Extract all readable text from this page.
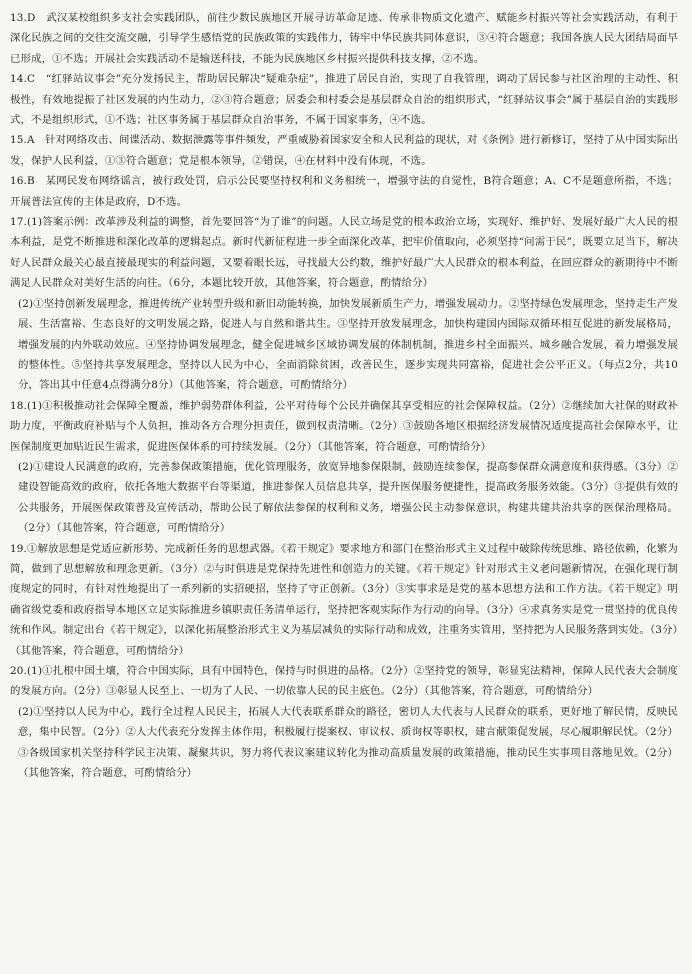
13.D　武汉某校组织多支社会实践团队，前往少数民族地区开展寻访革命足迹、传承非物质文化遗产、赋能乡村振兴等社会实践活动，有利于深化民族之间的交往交流交融，引导学生感悟党的民族政策的实践伟力，铸牢中华民族共同体意识，③④符合题意；我国各族人民大团结局面早已形成，①不选；开展社会实践活动不是输送科技，不能为民族地区乡村振兴提供科技支撑，②不选。

14.C　“红驿站议事会”充分发扬民主，帮助居民解决“疑难杂症”，推进了居民自治，实现了自我管理，调动了居民参与社区治理的主动性、积极性，有效地提振了社区发展的内生动力，②③符合题意；居委会和村委会是基层群众自治的组织形式，“红驿站议事会”属于基层自治的实践形式，不是组织形式，①不选；社区事务属于基层群众自治事务，不属于国家事务，④不选。

15.A　针对网络攻击、间谍活动、数据泄露等事件频发，严重威胁着国家安全和人民利益的现状，对《条例》进行新修订，坚持了从中国实际出发，保护人民利益，①③符合题意；党是根本领导，②错误，④在材料中没有体现，不选。

16.B　某网民发布网络谣言，被行政处罚，启示公民要坚持权利和义务相统一，增强守法的自觉性，B符合题意；A、C不是题意所指，不选；开展普法宣传的主体是政府，D不选。

17.(1)答案示例：改革涉及利益的调整，首先要回答“为了谁”的问题。人民立场是党的根本政治立场，实现好、维护好、发展好最广大人民的根本利益，是党不断推进和深化改革的逻辑起点。新时代新征程进一步全面深化改革，把牢价值取向，必须坚持“问需于民”，既要立足当下，解决好人民群众最关心最直接最现实的利益问题，又要着眼长远，寻找最大公约数，维护好最广大人民群众的根本利益，在回应群众的新期待中不断满足人民群众对美好生活的向往。（6分，本题比较开放，其他答案，符合题意，酌情给分）

(2)①坚持创新发展理念，推进传统产业转型升级和新旧动能转换，加快发展新质生产力，增强发展动力。②坚持绿色发展理念，坚持走生产发展、生活富裕、生态良好的文明发展之路，促进人与自然和谐共生。③坚持开放发展理念，加快构建国内国际双循环相互促进的新发展格局，增强发展的内外联动效应。④坚持协调发展理念，健全促进城乡区域协调发展的体制机制，推进乡村全面振兴、城乡融合发展，着力增强发展的整体性。⑤坚持共享发展理念，坚持以人民为中心，全面消除贫困，改善民生，逐步实现共同富裕，促进社会公平正义。（每点2分，共10分，答出其中任意4点得满分8分）（其他答案，符合题意，可酌情给分）

18.(1)①积极推动社会保障全覆盖，维护弱势群体利益，公平对待每个公民并确保其享受相应的社会保障权益。（2分）②继续加大社保的财政补助力度，平衡政府补贴与个人负担，推动各方合理分担责任，做到权责清晰。（2分）③鼓励各地区根据经济发展情况适度提高社会保障水平，让医保制度更加贴近民生需求，促进医保体系的可持续发展。（2分）（其他答案，符合题意，可酌情给分）

(2)①建设人民满意的政府，完善参保政策措施，优化管理服务，放宽异地参保限制，鼓励连续参保，提高参保群众满意度和获得感。（3分）②建设智能高效的政府，依托各地大数据平台等渠道，推进参保人员信息共享，提升医保服务便捷性，提高政务服务效能。（3分）③提供有效的公共服务，开展医保政策普及宣传活动，帮助公民了解依法参保的权利和义务，增强公民主动参保意识，构建共建共治共享的医保治理格局。（2分）（其他答案，符合题意，可酌情给分）

19.①解放思想是党适应新形势、完成新任务的思想武器。《若干规定》要求地方和部门在整治形式主义过程中破除传统思维、路径依赖，化繁为简，做到了思想解放和理念更新。（3分）②与时俱进是党保持先进性和创造力的关键。《若干规定》针对形式主义老问题新情况，在强化现行制度规定的同时，有针对性地提出了一系列新的实招硬招，坚持了守正创新。（3分）③实事求是是党的基本思想方法和工作方法。《若干规定》明确省级党委和政府指导本地区立足实际推进乡镇职责任务清单运行，坚持把客观实际作为行动的向导。（3分）④求真务实是党一贯坚持的优良传统和作风。制定出台《若干规定》，以深化拓展整治形式主义为基层减负的实际行动和成效，注重务实管用，坚持把为人民服务落到实处。（3分）（其他答案，符合题意，可酌情给分）

20.(1)①扎根中国土壤，符合中国实际，具有中国特色，保持与时俱进的品格。（2分）②坚持党的领导，彰显宪法精神，保障人民代表大会制度的发展方向。（2分）③彰显人民至上、一切为了人民、一切依靠人民的民主底色。（2分）（其他答案，符合题意，可酌情给分）

(2)①坚持以人民为中心，践行全过程人民民主，拓展人大代表联系群众的路径，密切人大代表与人民群众的联系，更好地了解民情，反映民意，集中民智。（2分）②人大代表充分发挥主体作用，积极履行提案权、审议权、质询权等职权，建言献策促发展，尽心履职解民忧。（2分）③各级国家机关坚持科学民主决策、凝聚共识，努力将代表议案建议转化为推动高质量发展的政策措施，推动民生实事项目落地见效。（2分）（其他答案，符合题意，可酌情给分）
